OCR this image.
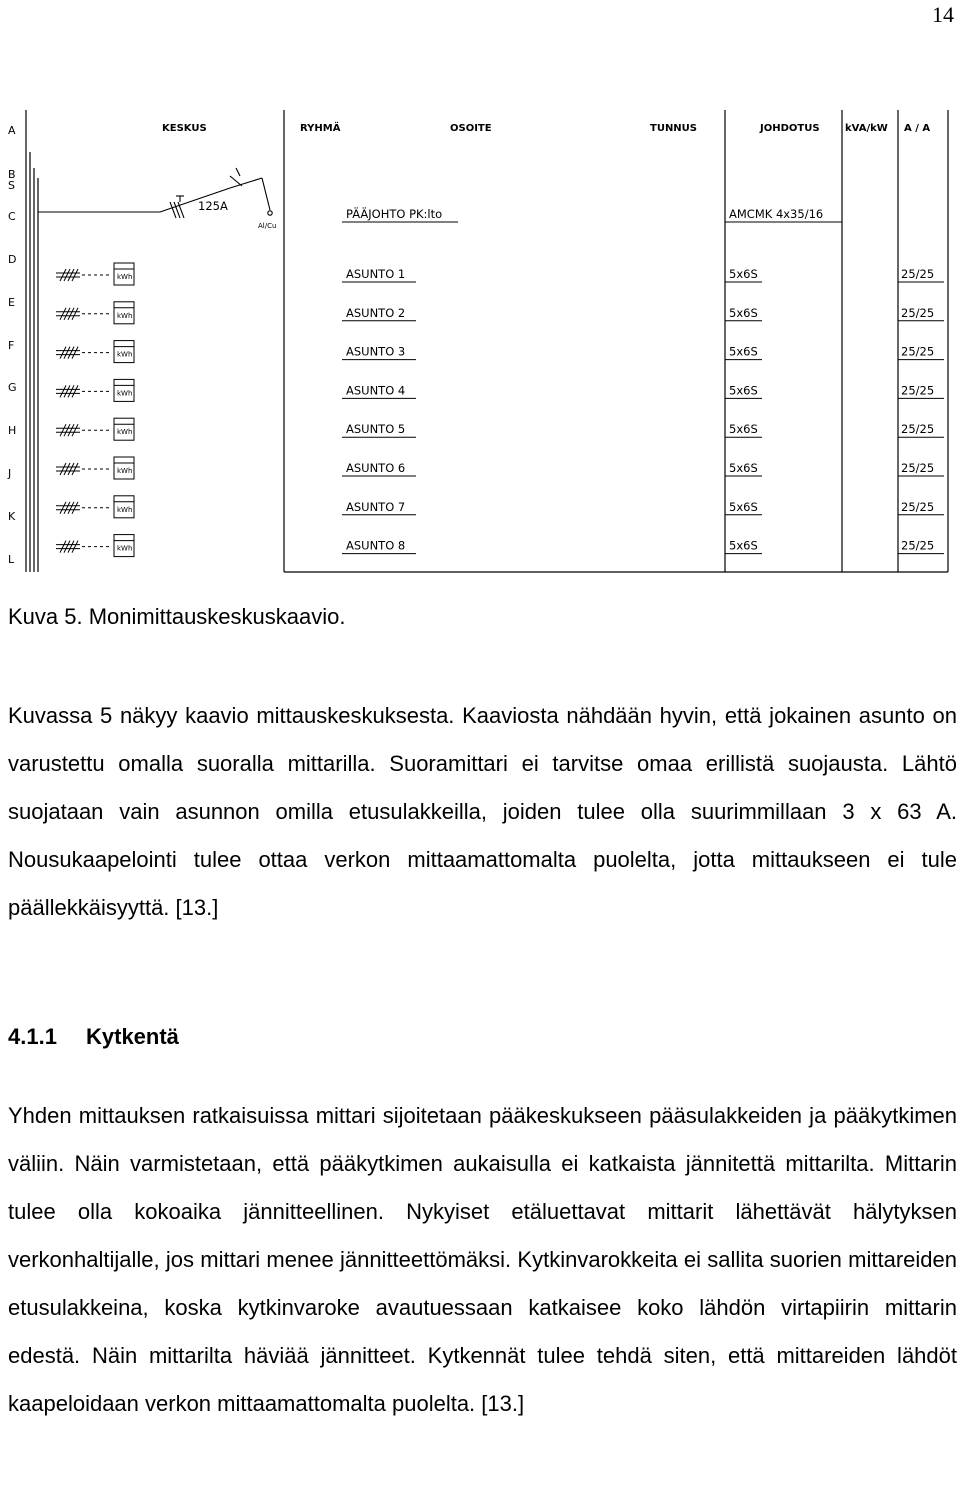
14
A
B
S
C
D
E
F
G
H
J
K
L
KESKUS	RYHMÄ	OSOITE	TUNNUS	JOHDOTUS	kVA/kW A / A
125A
Al/Cu
PÄÄJOHTO PK:lto	AMCMK 4x35/16
kWh	ASUNTO 1	5x6S	25/25
kWh	ASUNTO 2	5x6S	25/25
kWh	ASUNTO 3	5x6S	25/25
kWh	ASUNTO 4	5x6S	25/25
kWh	ASUNTO 5	5x6S	25/25
kWh	ASUNTO 6	5x6S	25/25
kWh	ASUNTO 7	5x6S	25/25
kWh	ASUNTO 8	5x6S	25/25
Kuva 5. Monimittauskeskuskaavio.

Kuvassa 5 näkyy kaavio mittauskeskuksesta. Kaaviosta nähdään hyvin, että jokainen asunto on varustettu omalla suoralla mittarilla. Suoramittari ei tarvitse omaa erillistä suojausta. Lähtö suojataan vain asunnon omilla etusulakkeilla, joiden tulee olla suurimmillaan 3 x 63 A. Nousukaapelointi tulee ottaa verkon mittaamattomalta puolelta, jotta mittaukseen ei tule päällekkäisyyttä. [13.]

4.1.1 Kytkentä

Yhden mittauksen ratkaisuissa mittari sijoitetaan pääkeskukseen pääsulakkeiden ja pääkytkimen väliin. Näin varmistetaan, että pääkytkimen aukaisulla ei katkaista jännitettä mittarilta. Mittarin tulee olla kokoaika jännitteellinen. Nykyiset etäluettavat mittarit lähettävät hälytyksen verkonhaltijalle, jos mittari menee jännitteettömäksi. Kytkinvarokkeita ei sallita suorien mittareiden etusulakkeina, koska kytkinvaroke avautuessaan katkaisee koko lähdön virtapiirin mittarin edestä. Näin mittarilta häviää jännitteet. Kytkennät tulee tehdä siten, että mittareiden lähdöt kaapeloidaan verkon mittaamattomalta puolelta. [13.]
